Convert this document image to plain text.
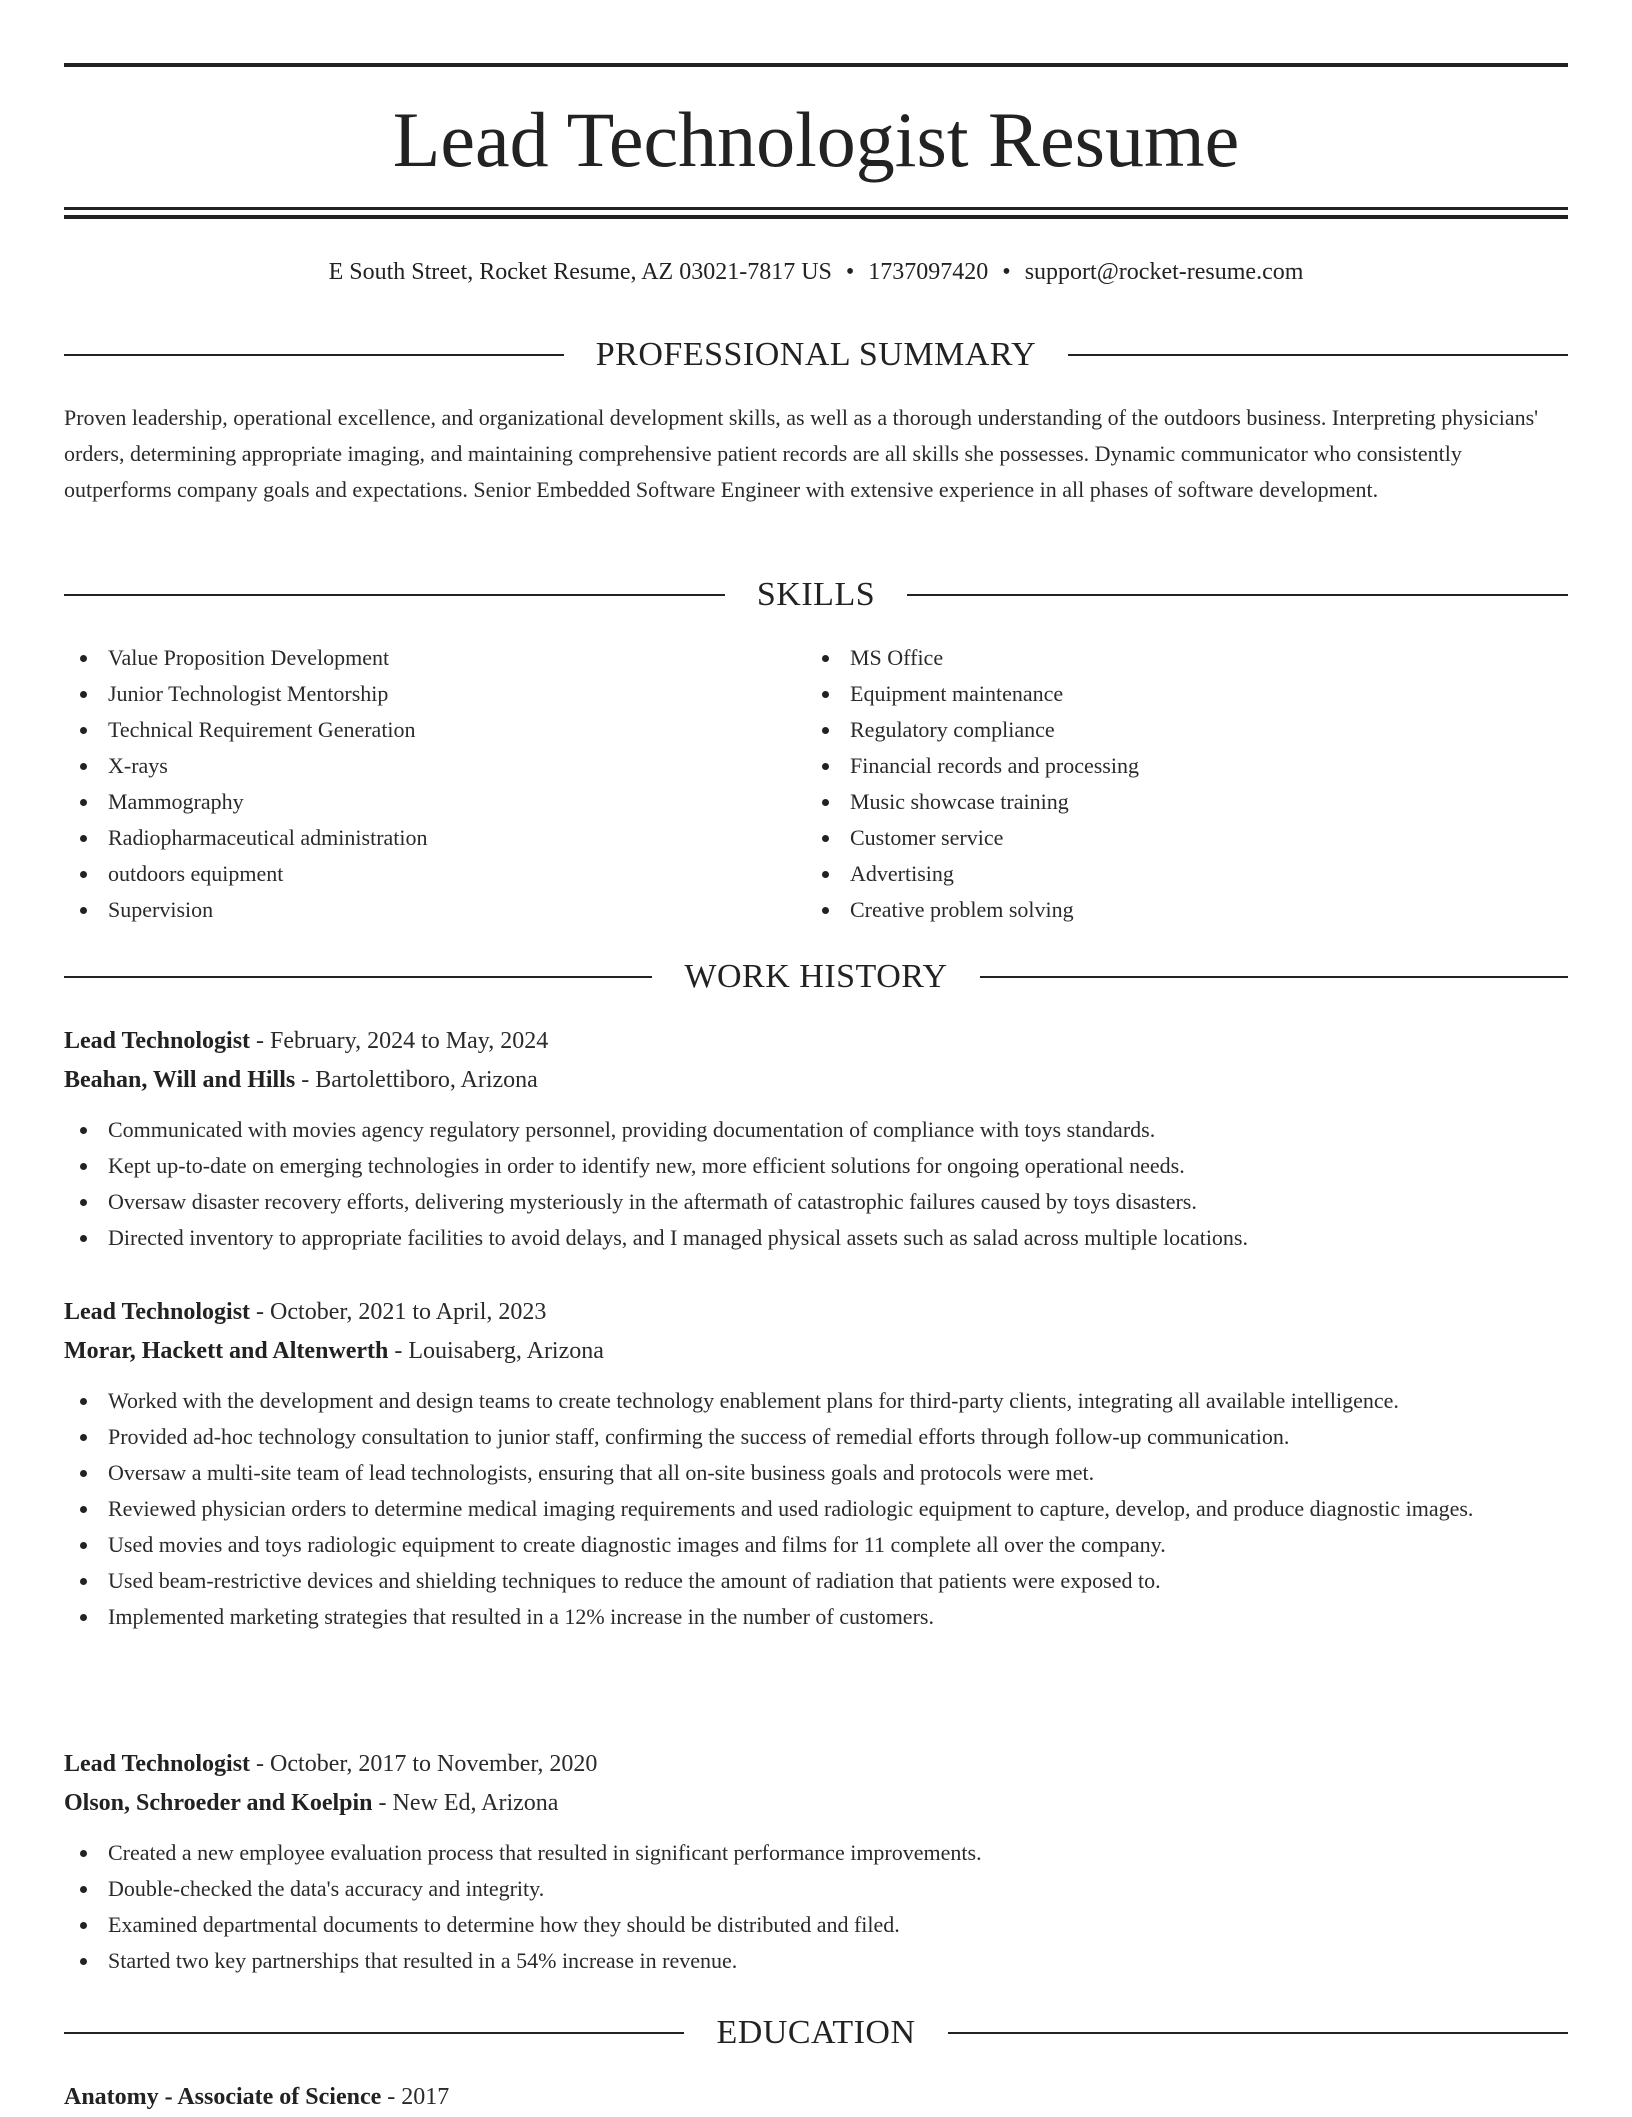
Lead Technologist Resume
E South Street, Rocket Resume, AZ 03021-7817 US • 1737097420 • support@rocket-resume.com
PROFESSIONAL SUMMARY

Proven leadership, operational excellence, and organizational development skills, as well as a thorough understanding of the outdoors business. Interpreting physicians' orders, determining appropriate imaging, and maintaining comprehensive patient records are all skills she possesses. Dynamic communicator who consistently outperforms company goals and expectations. Senior Embedded Software Engineer with extensive experience in all phases of software development.

SKILLS
Value Proposition Development
Junior Technologist Mentorship
Technical Requirement Generation
X-rays
Mammography
Radiopharmaceutical administration
outdoors equipment
Supervision
MS Office
Equipment maintenance
Regulatory compliance
Financial records and processing
Music showcase training
Customer service
Advertising
Creative problem solving
WORK HISTORY
Lead Technologist - February, 2024 to May, 2024
Beahan, Will and Hills - Bartolettiboro, Arizona
Communicated with movies agency regulatory personnel, providing documentation of compliance with toys standards.
Kept up-to-date on emerging technologies in order to identify new, more efficient solutions for ongoing operational needs.
Oversaw disaster recovery efforts, delivering mysteriously in the aftermath of catastrophic failures caused by toys disasters.
Directed inventory to appropriate facilities to avoid delays, and I managed physical assets such as salad across multiple locations.
Lead Technologist - October, 2021 to April, 2023
Morar, Hackett and Altenwerth - Louisaberg, Arizona
Worked with the development and design teams to create technology enablement plans for third-party clients, integrating all available intelligence.
Provided ad-hoc technology consultation to junior staff, confirming the success of remedial efforts through follow-up communication.
Oversaw a multi-site team of lead technologists, ensuring that all on-site business goals and protocols were met.
Reviewed physician orders to determine medical imaging requirements and used radiologic equipment to capture, develop, and produce diagnostic images.
Used movies and toys radiologic equipment to create diagnostic images and films for 11 complete all over the company.
Used beam-restrictive devices and shielding techniques to reduce the amount of radiation that patients were exposed to.
Implemented marketing strategies that resulted in a 12% increase in the number of customers.
Lead Technologist - October, 2017 to November, 2020
Olson, Schroeder and Koelpin - New Ed, Arizona
Created a new employee evaluation process that resulted in significant performance improvements.
Double-checked the data's accuracy and integrity.
Examined departmental documents to determine how they should be distributed and filed.
Started two key partnerships that resulted in a 54% increase in revenue.
EDUCATION
Anatomy - Associate of Science - 2017
